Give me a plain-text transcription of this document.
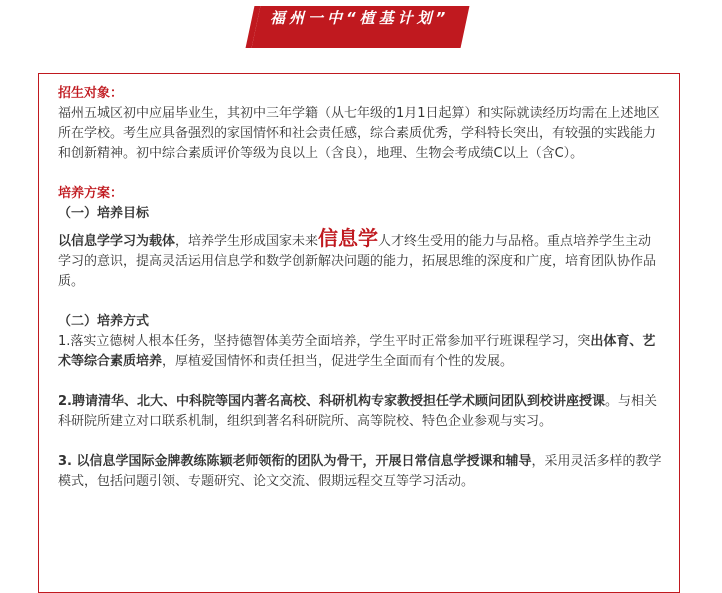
福州一中“植基计划”

招生对象：

福州五城区初中应届毕业生，其初中三年学籍（从七年级的1月1日起算）和实际就读经历均需在上述地区所在学校。考生应具备强烈的家国情怀和社会责任感，综合素质优秀，学科特长突出，有较强的实践能力和创新精神。初中综合素质评价等级为良以上（含良），地理、生物会考成绩C以上（含C）。

培养方案：

（一）培养目标

以信息学学习为载体，培养学生形成国家未来信息学人才终生受用的能力与品格。重点培养学生主动学习的意识，提高灵活运用信息学和数学创新解决问题的能力，拓展思维的深度和广度，培育团队协作品质。

（二）培养方式

1.落实立德树人根本任务，坚持德智体美劳全面培养，学生平时正常参加平行班课程学习，突出体育、艺术等综合素质培养，厚植爱国情怀和责任担当，促进学生全面而有个性的发展。

2.聘请清华、北大、中科院等国内著名高校、科研机构专家教授担任学术顾问团队到校讲座授课。与相关科研院所建立对口联系机制，组织到著名科研院所、高等院校、特色企业参观与实习。

3. 以信息学国际金牌教练陈颖老师领衔的团队为骨干，开展日常信息学授课和辅导，采用灵活多样的教学模式，包括问题引领、专题研究、论文交流、假期远程交互等学习活动。
